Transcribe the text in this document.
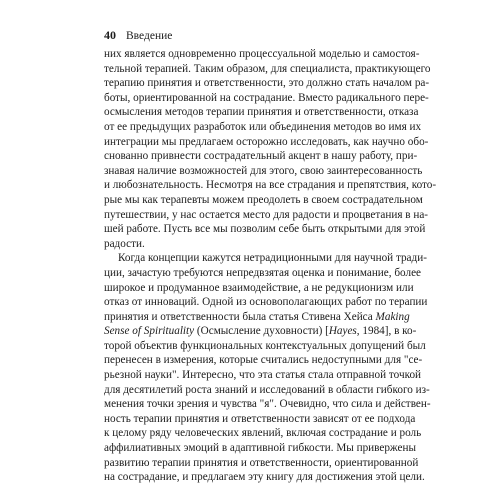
40 Введение
них является одновременно процессуальной моделью и самостоя-
тельной терапией. Таким образом, для специалиста, практикующего
терапию принятия и ответственности, это должно стать началом ра-
боты, ориентированной на сострадание. Вместо радикального пере-
осмысления методов терапии принятия и ответственности, отказа
от ее предыдущих разработок или объединения методов во имя их
интеграции мы предлагаем осторожно исследовать, как научно обо-
снованно привнести сострадательный акцент в нашу работу, при-
знавая наличие возможностей для этого, свою заинтересованность
и любознательность. Несмотря на все страдания и препятствия, кото-
рые мы как терапевты можем преодолеть в своем сострадательном
путешествии, у нас остается место для радости и процветания в на-
шей работе. Пусть все мы позволим себе быть открытыми для этой
радости.
Когда концепции кажутся нетрадиционными для научной тради-
ции, зачастую требуются непредвзятая оценка и понимание, более
широкое и продуманное взаимодействие, а не редукционизм или
отказ от инноваций. Одной из основополагающих работ по терапии
принятия и ответственности была статья Стивена Хейса Making
Sense of Spirituality (Осмысление духовности) [Hayes, 1984], в ко-
торой объектив функциональных контекстуальных допущений был
перенесен в измерения, которые считались недоступными для "се-
рьезной науки". Интересно, что эта статья стала отправной точкой
для десятилетий роста знаний и исследований в области гибкого из-
менения точки зрения и чувства "я". Очевидно, что сила и действен-
ность терапии принятия и ответственности зависят от ее подхода
к целому ряду человеческих явлений, включая сострадание и роль
аффилиативных эмоций в адаптивной гибкости. Мы привержены
развитию терапии принятия и ответственности, ориентированной
на сострадание, и предлагаем эту книгу для достижения этой цели.
